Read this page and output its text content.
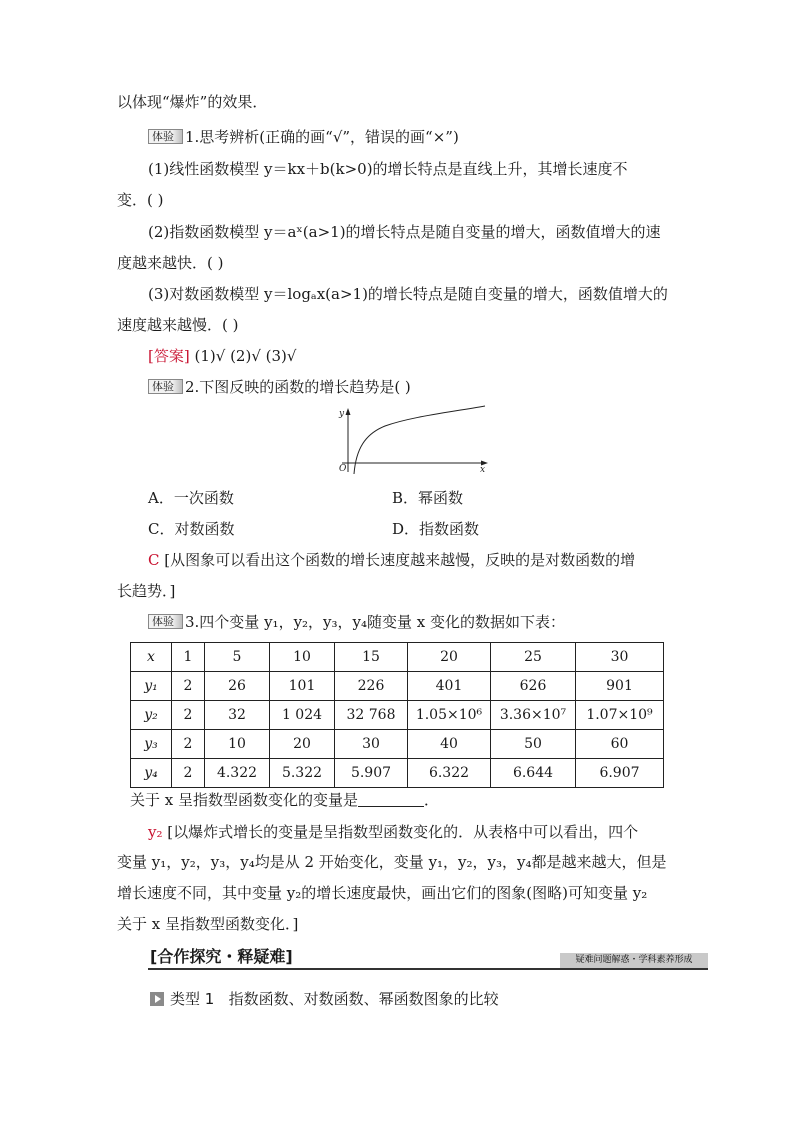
以体现“爆炸”的效果．
体验 1.思考辨析(正确的画“√”，错误的画“×”)
(1)线性函数模型 y＝kx＋b(k>0)的增长特点是直线上升，其增长速度不
变．( )
(2)指数函数模型 y＝aˣ(a>1)的增长特点是随自变量的增大，函数值增大的速
度越来越快．( )
(3)对数函数模型 y＝logₐx(a>1)的增长特点是随自变量的增大，函数值增大的
速度越来越慢．( )
[答案] (1)√ (2)√ (3)√
体验 2.下图反映的函数的增长趋势是( )
y
x
O
A．一次函数	B．幂函数
C．对数函数	D．指数函数
C [从图象可以看出这个函数的增长速度越来越慢，反映的是对数函数的增
长趋势．]
体验 3.四个变量 y₁，y₂，y₃，y₄随变量 x 变化的数据如下表：
x	1	5	10	15	20	25	30
y₁	2	26	101	226	401	626	901
y₂	2	32	1 024	32 768	1.05×10⁶	3.36×10⁷	1.07×10⁹
y₃	2	10	20	30	40	50	60
y₄	2	4.322	5.322	5.907	6.322	6.644	6.907
关于 x 呈指数型函数变化的变量是	．
y₂ [以爆炸式增长的变量是呈指数型函数变化的．从表格中可以看出，四个
变量 y₁，y₂，y₃，y₄均是从 2 开始变化，变量 y₁，y₂，y₃，y₄都是越来越大，但是
增长速度不同，其中变量 y₂的增长速度最快，画出它们的图象(图略)可知变量 y₂
关于 x 呈指数型函数变化．]
[合作探究・释疑难]	疑难问题解惑・学科素养形成
类型 1 指数函数、对数函数、幂函数图象的比较
